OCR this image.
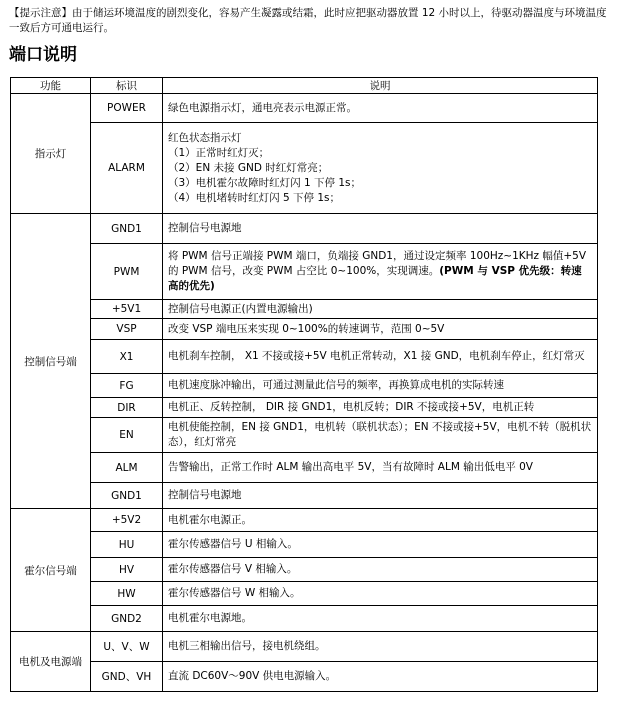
【提示注意】由于储运环境温度的剧烈变化，容易产生凝露或结霜，此时应把驱动器放置 12 小时以上，待驱动器温度与环境温度一致后方可通电运行。
端口说明
功能	标识	说明
指示灯	POWER	绿色电源指示灯，通电亮表示电源正常。
	ALARM	红色状态指示灯
（1）正常时红灯灭；
（2）EN 未接 GND 时红灯常亮；
（3）电机霍尔故障时红灯闪 1 下停 1s；
（4）电机堵转时红灯闪 5 下停 1s；

控制信号端	GND1	控制信号电源地
	PWM	将 PWM 信号正端接 PWM 端口，负端接 GND1，通过设定频率 100Hz~1KHz 幅值+5V 的 PWM 信号，改变 PWM 占空比 0~100%，实现调速。(PWM 与 VSP 优先级：转速高的优先)
	+5V1	控制信号电源正(内置电源输出)
	VSP	改变 VSP 端电压来实现 0~100%的转速调节，范围 0~5V
	X1	电机刹车控制， X1 不接或接+5V 电机正常转动，X1 接 GND，电机刹车停止，红灯常灭
	FG	电机速度脉冲输出，可通过测量此信号的频率，再换算成电机的实际转速
	DIR	电机正、反转控制， DIR 接 GND1，电机反转；DIR 不接或接+5V，电机正转
	EN	电机使能控制，EN 接 GND1，电机转（联机状态）；EN 不接或接+5V，电机不转（脱机状态），红灯常亮
	ALM	告警输出，正常工作时 ALM 输出高电平 5V，当有故障时 ALM 输出低电平 0V
	GND1	控制信号电源地
霍尔信号端	+5V2	电机霍尔电源正。
	HU	霍尔传感器信号 U 相输入。
	HV	霍尔传感器信号 V 相输入。
	HW	霍尔传感器信号 W 相输入。
	GND2	电机霍尔电源地。
电机及电源端	U、V、W	电机三相输出信号，接电机绕组。
	GND、VH	直流 DC60V～90V 供电电源输入。
